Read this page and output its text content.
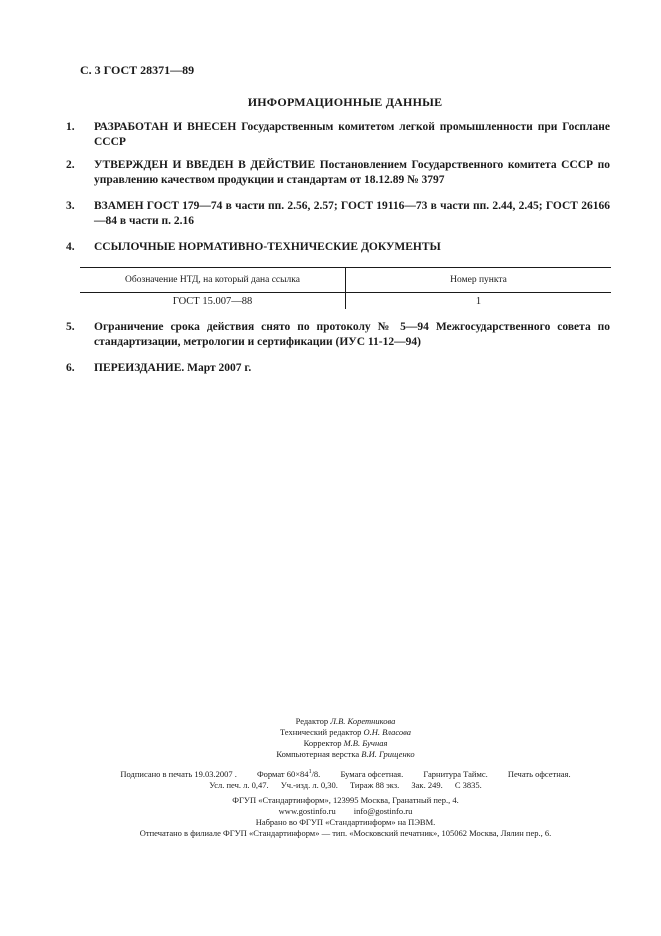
С. 3 ГОСТ 28371—89
ИНФОРМАЦИОННЫЕ ДАННЫЕ
1. РАЗРАБОТАН И ВНЕСЕН Государственным комитетом легкой промышленности при Госплане СССР
2. УТВЕРЖДЕН И ВВЕДЕН В ДЕЙСТВИЕ Постановлением Государственного комитета СССР по управлению качеством продукции и стандартам от 18.12.89 № 3797
3. ВЗАМЕН ГОСТ 179—74 в части пп. 2.56, 2.57; ГОСТ 19116—73 в части пп. 2.44, 2.45; ГОСТ 26166—84 в части п. 2.16
4. ССЫЛОЧНЫЕ НОРМАТИВНО-ТЕХНИЧЕСКИЕ ДОКУМЕНТЫ
Обозначение НТД, на который дана ссылка	Номер пункта
ГОСТ 15.007—88	1
5. Ограничение срока действия снято по протоколу № 5—94 Межгосударственного совета по стандартизации, метрологии и сертификации (ИУС 11-12—94)
6. ПЕРЕИЗДАНИЕ. Март 2007 г.
Редактор Л.В. Коретникова
Технический редактор О.Н. Власова
Корректор М.В. Бучная
Компьютерная верстка В.И. Грищенко
Подписано в печать 19.03.2007 . Формат $60\times 84^1/8$. Бумага офсетная. Гарнитура Таймс. Печать офсетная.
Усл. печ. л. 0,47. Уч.-изд. л. 0,30. Тираж 88 экз. Зак. 249. С 3835.
ФГУП «Стандартинформ», 123995 Москва, Гранатный пер., 4.
www.gostinfo.ru info@gostinfo.ru
Набрано во ФГУП «Стандартинформ» на ПЭВМ.
Отпечатано в филиале ФГУП «Стандартинформ» — тип. «Московский печатник», 105062 Москва, Лялин пер., 6.
